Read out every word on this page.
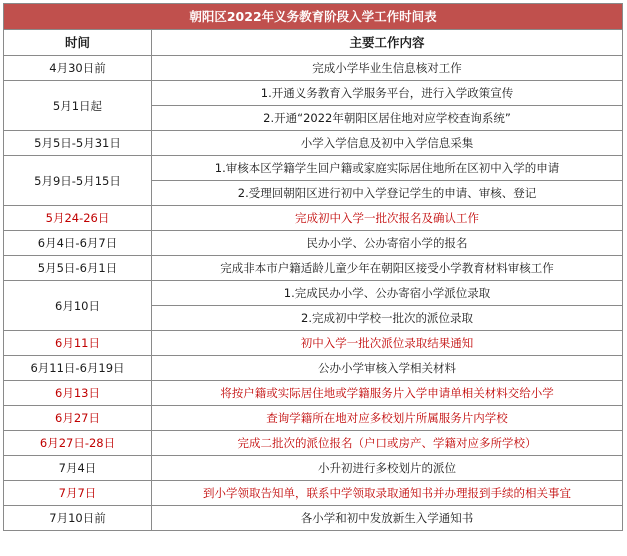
朝阳区2022年义务教育阶段入学工作时间表	
时间	主要工作内容
4月30日前	完成小学毕业生信息核对工作
5月1日起	1.开通义务教育入学服务平台，进行入学政策宣传
	2.开通“2022年朝阳区居住地对应学校查询系统”
5月5日-5月31日	小学入学信息及初中入学信息采集
5月9日-5月15日	1.审核本区学籍学生回户籍或家庭实际居住地所在区初中入学的申请
	2.受理回朝阳区进行初中入学登记学生的申请、审核、登记
5月24-26日	完成初中入学一批次报名及确认工作
6月4日-6月7日	民办小学、公办寄宿小学的报名
5月5日-6月1日	完成非本市户籍适龄儿童少年在朝阳区接受小学教育材料审核工作
6月10日	1.完成民办小学、公办寄宿小学派位录取
	2.完成初中学校一批次的派位录取
6月11日	初中入学一批次派位录取结果通知
6月11日-6月19日	公办小学审核入学相关材料
6月13日	将按户籍或实际居住地或学籍服务片入学申请单相关材料交给小学
6月27日	查询学籍所在地对应多校划片所属服务片内学校
6月27日-28日	完成二批次的派位报名（户口或房产、学籍对应多所学校）
7月4日	小升初进行多校划片的派位
7月7日	到小学领取告知单，联系中学领取录取通知书并办理报到手续的相关事宜
7月10日前	各小学和初中发放新生入学通知书
